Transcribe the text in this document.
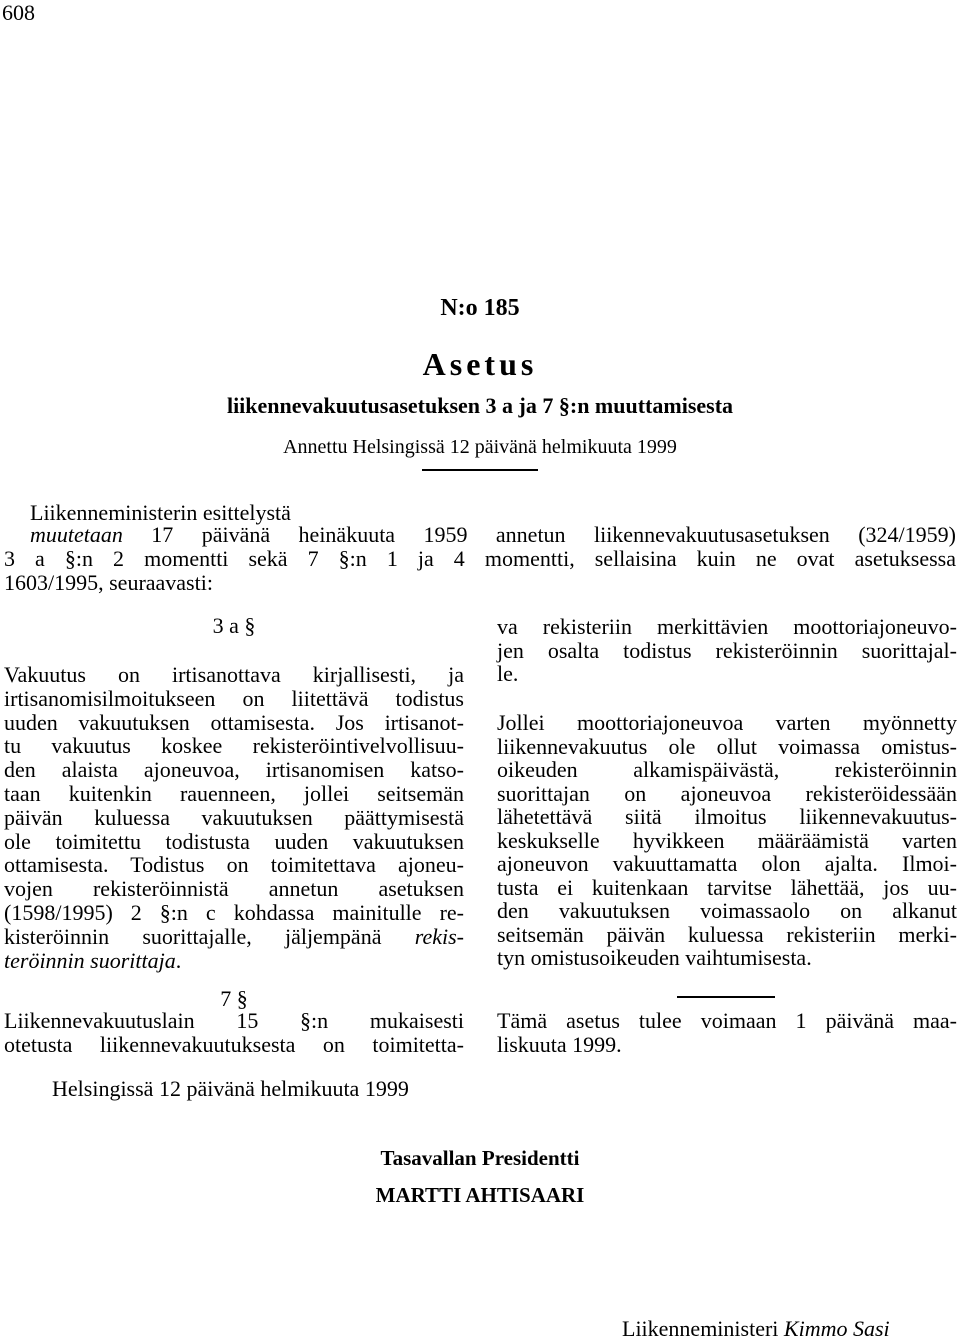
608
N:o 185
Asetus
liikennevakuutusasetuksen 3 a ja 7 §:n muuttamisesta
Annettu Helsingissä 12 päivänä helmikuuta 1999
Liikenneministerin esittelystä
muutetaan 17 päivänä heinäkuuta 1959 annetun liikennevakuutusasetuksen (324/1959)
3 a §:n 2 momentti sekä 7 §:n 1 ja 4 momentti, sellaisina kuin ne ovat asetuksessa
1603/1995, seuraavasti:
3 a §
Vakuutus on irtisanottava kirjallisesti, ja
irtisanomisilmoitukseen on liitettävä todistus
uuden vakuutuksen ottamisesta. Jos irtisanot-
tu vakuutus koskee rekisteröintivelvollisuu-
den alaista ajoneuvoa, irtisanomisen katso-
taan kuitenkin rauenneen, jollei seitsemän
päivän kuluessa vakuutuksen päättymisestä
ole toimitettu todistusta uuden vakuutuksen
ottamisesta. Todistus on toimitettava ajoneu-
vojen rekisteröinnistä annetun asetuksen
(1598/1995) 2 §:n c kohdassa mainitulle re-
kisteröinnin suorittajalle, jäljempänä rekis-
teröinnin suorittaja.
7 §
Liikennevakuutuslain 15 §:n mukaisesti
otetusta liikennevakuutuksesta on toimitetta-
va rekisteriin merkittävien moottoriajoneuvo-
jen osalta todistus rekisteröinnin suorittajal-
le.
Jollei moottoriajoneuvoa varten myönnetty
liikennevakuutus ole ollut voimassa omistus-
oikeuden alkamispäivästä, rekisteröinnin
suorittajan on ajoneuvoa rekisteröidessään
lähetettävä siitä ilmoitus liikennevakuutus-
keskukselle hyvikkeen määräämistä varten
ajoneuvon vakuuttamatta olon ajalta. Ilmoi-
tusta ei kuitenkaan tarvitse lähettää, jos uu-
den vakuutuksen voimassaolo on alkanut
seitsemän päivän kuluessa rekisteriin merki-
tyn omistusoikeuden vaihtumisesta.
Tämä asetus tulee voimaan 1 päivänä maa-
liskuuta 1999.
Helsingissä 12 päivänä helmikuuta 1999
Tasavallan Presidentti
MARTTI AHTISAARI
Liikenneministeri Kimmo Sasi
